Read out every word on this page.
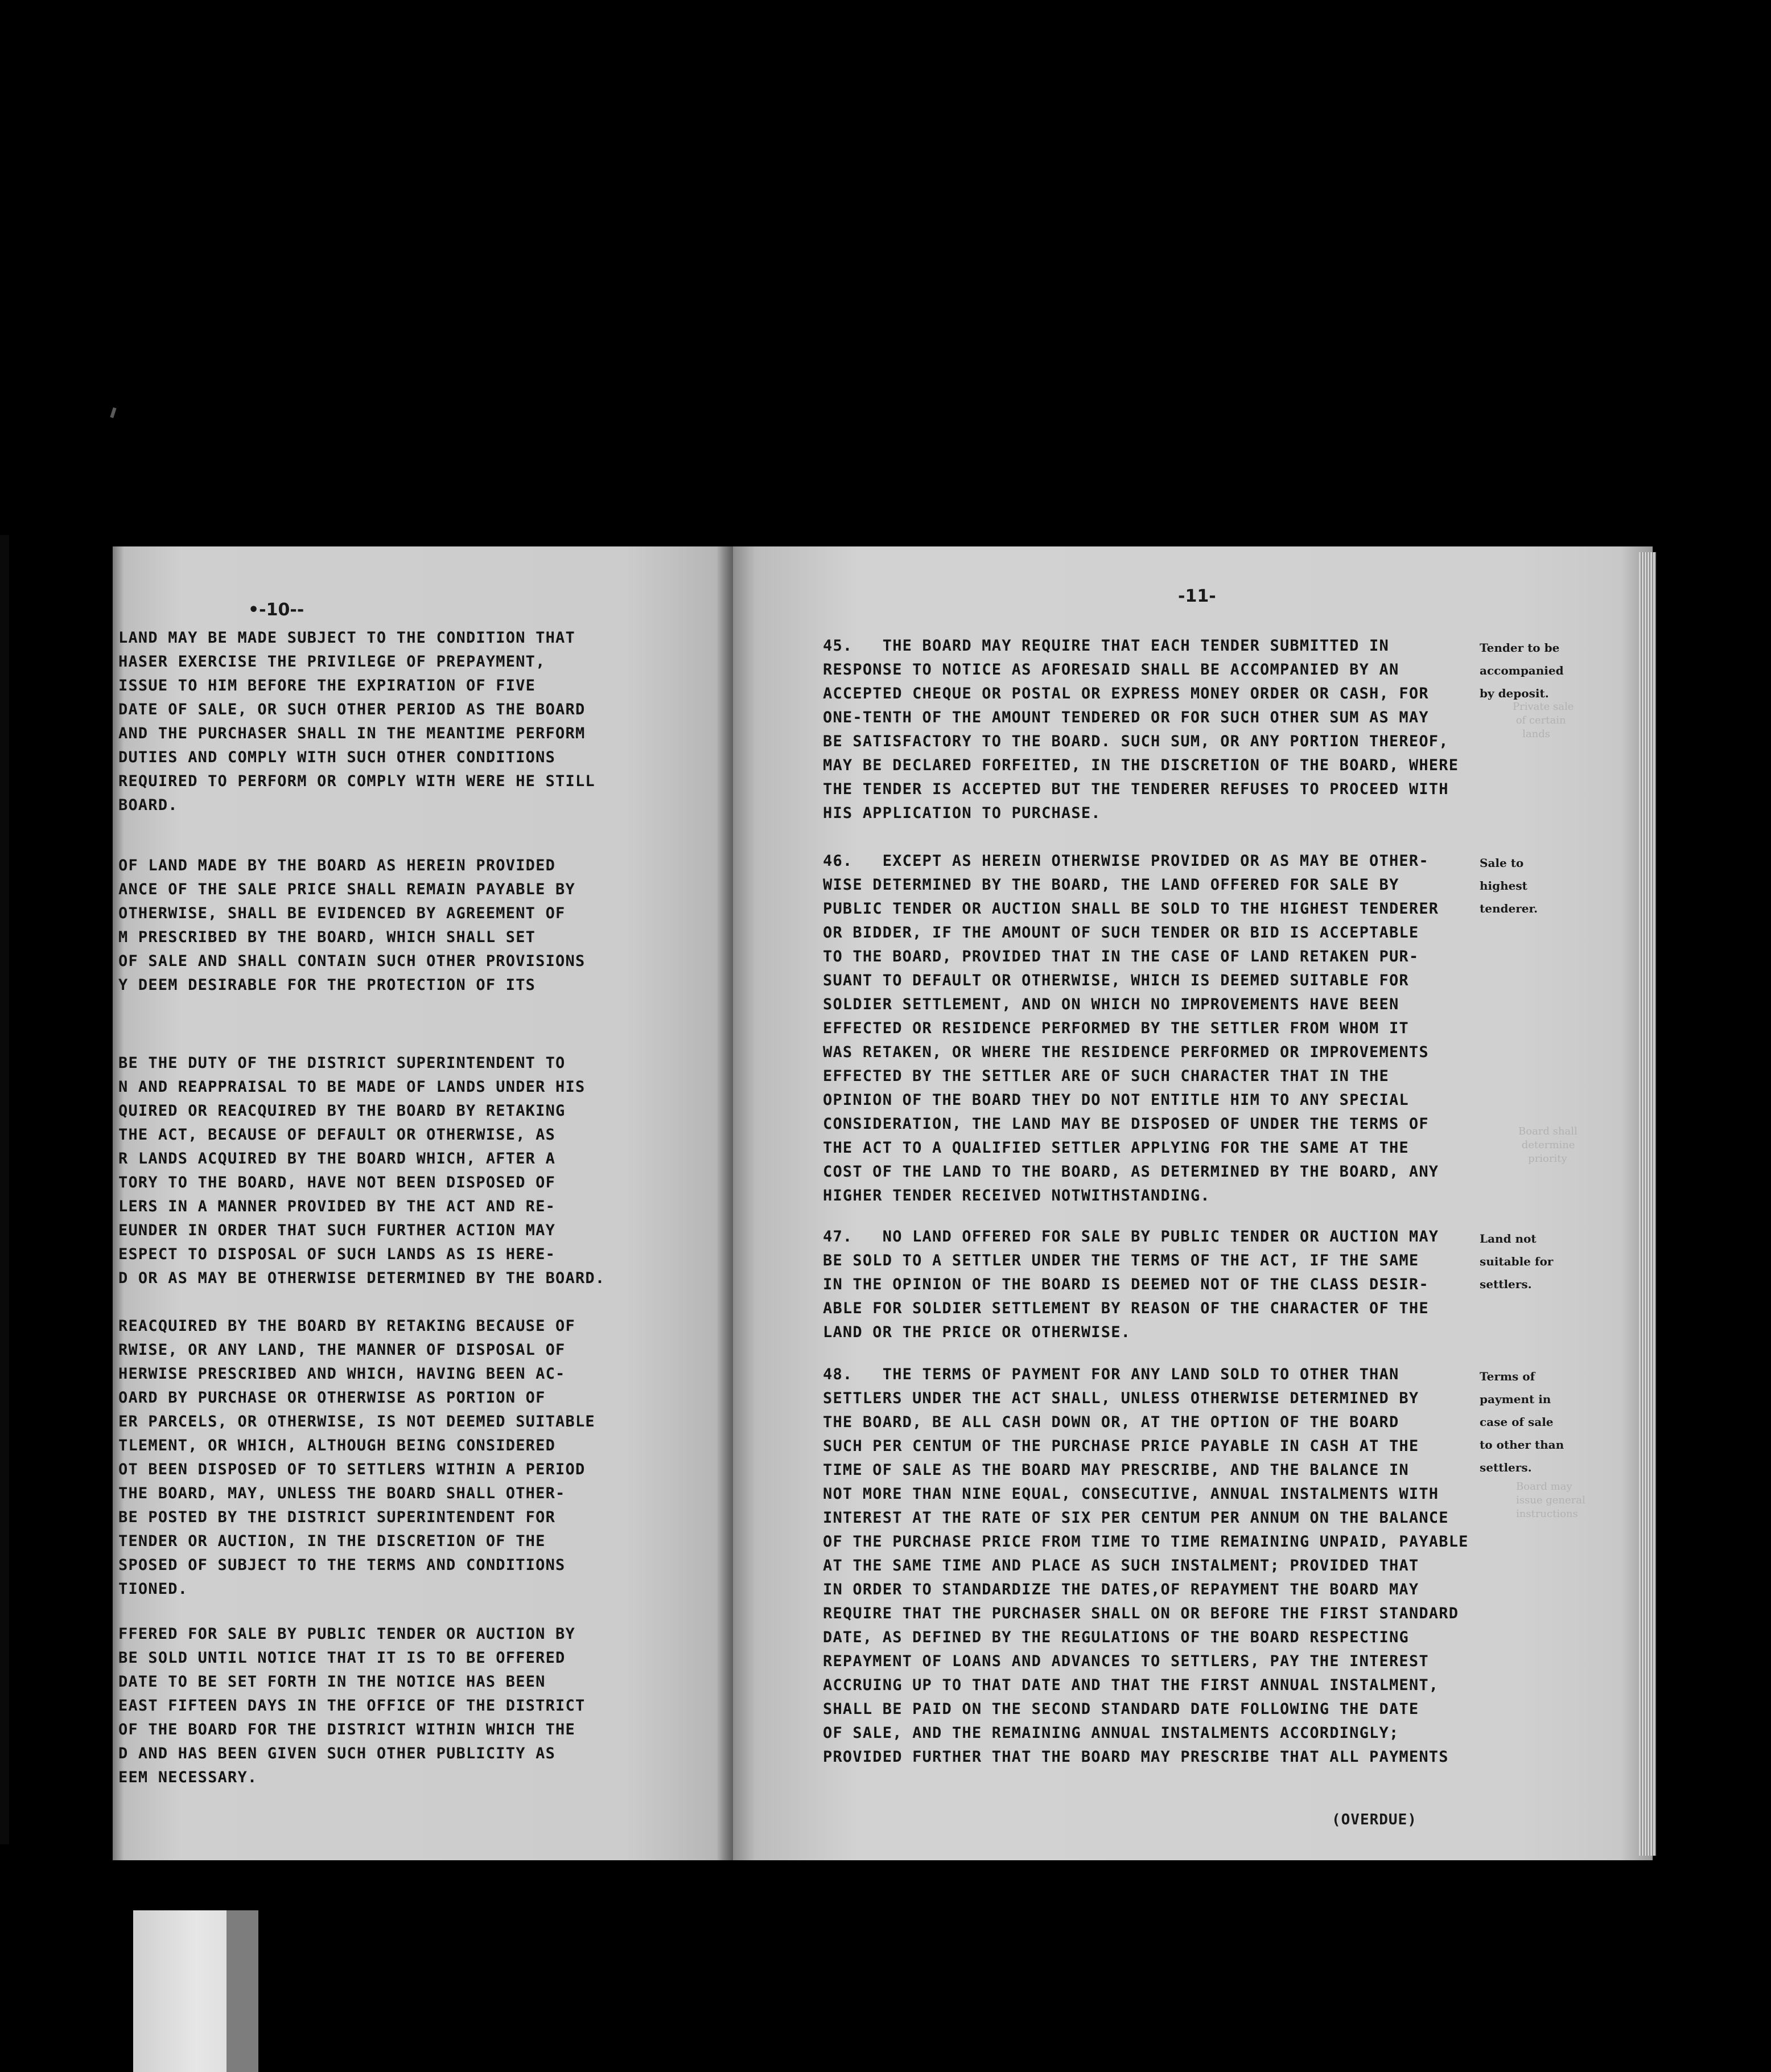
•-10--
LAND MAY BE MADE SUBJECT TO THE CONDITION THAT
HASER EXERCISE THE PRIVILEGE OF PREPAYMENT,
ISSUE TO HIM BEFORE THE EXPIRATION OF FIVE
DATE OF SALE, OR SUCH OTHER PERIOD AS THE BOARD
AND THE PURCHASER SHALL IN THE MEANTIME PERFORM
DUTIES AND COMPLY WITH SUCH OTHER CONDITIONS
REQUIRED TO PERFORM OR COMPLY WITH WERE HE STILL
BOARD.
OF LAND MADE BY THE BOARD AS HEREIN PROVIDED
ANCE OF THE SALE PRICE SHALL REMAIN PAYABLE BY
OTHERWISE, SHALL BE EVIDENCED BY AGREEMENT OF
M PRESCRIBED BY THE BOARD, WHICH SHALL SET
OF SALE AND SHALL CONTAIN SUCH OTHER PROVISIONS
Y DEEM DESIRABLE FOR THE PROTECTION OF ITS
BE THE DUTY OF THE DISTRICT SUPERINTENDENT TO
N AND REAPPRAISAL TO BE MADE OF LANDS UNDER HIS
QUIRED OR REACQUIRED BY THE BOARD BY RETAKING
THE ACT, BECAUSE OF DEFAULT OR OTHERWISE, AS
R LANDS ACQUIRED BY THE BOARD WHICH, AFTER A
TORY TO THE BOARD, HAVE NOT BEEN DISPOSED OF
LERS IN A MANNER PROVIDED BY THE ACT AND RE-
EUNDER IN ORDER THAT SUCH FURTHER ACTION MAY
ESPECT TO DISPOSAL OF SUCH LANDS AS IS HERE-
D OR AS MAY BE OTHERWISE DETERMINED BY THE BOARD.
REACQUIRED BY THE BOARD BY RETAKING BECAUSE OF
RWISE, OR ANY LAND, THE MANNER OF DISPOSAL OF
HERWISE PRESCRIBED AND WHICH, HAVING BEEN AC-
OARD BY PURCHASE OR OTHERWISE AS PORTION OF
ER PARCELS, OR OTHERWISE, IS NOT DEEMED SUITABLE
TLEMENT, OR WHICH, ALTHOUGH BEING CONSIDERED
OT BEEN DISPOSED OF TO SETTLERS WITHIN A PERIOD
THE BOARD, MAY, UNLESS THE BOARD SHALL OTHER-
BE POSTED BY THE DISTRICT SUPERINTENDENT FOR
TENDER OR AUCTION, IN THE DISCRETION OF THE
SPOSED OF SUBJECT TO THE TERMS AND CONDITIONS
TIONED.
FFERED FOR SALE BY PUBLIC TENDER OR AUCTION BY
BE SOLD UNTIL NOTICE THAT IT IS TO BE OFFERED
DATE TO BE SET FORTH IN THE NOTICE HAS BEEN
EAST FIFTEEN DAYS IN THE OFFICE OF THE DISTRICT
OF THE BOARD FOR THE DISTRICT WITHIN WHICH THE
D AND HAS BEEN GIVEN SUCH OTHER PUBLICITY AS
EEM NECESSARY.
-11-
Private sale
of certain
lands
Board shall
determine
priority
Board may
issue general
instructions
45.   THE BOARD MAY REQUIRE THAT EACH TENDER SUBMITTED IN
RESPONSE TO NOTICE AS AFORESAID SHALL BE ACCOMPANIED BY AN
ACCEPTED CHEQUE OR POSTAL OR EXPRESS MONEY ORDER OR CASH, FOR
ONE-TENTH OF THE AMOUNT TENDERED OR FOR SUCH OTHER SUM AS MAY
BE SATISFACTORY TO THE BOARD. SUCH SUM, OR ANY PORTION THEREOF,
MAY BE DECLARED FORFEITED, IN THE DISCRETION OF THE BOARD, WHERE
THE TENDER IS ACCEPTED BUT THE TENDERER REFUSES TO PROCEED WITH
HIS APPLICATION TO PURCHASE.
46.   EXCEPT AS HEREIN OTHERWISE PROVIDED OR AS MAY BE OTHER-
WISE DETERMINED BY THE BOARD, THE LAND OFFERED FOR SALE BY
PUBLIC TENDER OR AUCTION SHALL BE SOLD TO THE HIGHEST TENDERER
OR BIDDER, IF THE AMOUNT OF SUCH TENDER OR BID IS ACCEPTABLE
TO THE BOARD, PROVIDED THAT IN THE CASE OF LAND RETAKEN PUR-
SUANT TO DEFAULT OR OTHERWISE, WHICH IS DEEMED SUITABLE FOR
SOLDIER SETTLEMENT, AND ON WHICH NO IMPROVEMENTS HAVE BEEN
EFFECTED OR RESIDENCE PERFORMED BY THE SETTLER FROM WHOM IT
WAS RETAKEN, OR WHERE THE RESIDENCE PERFORMED OR IMPROVEMENTS
EFFECTED BY THE SETTLER ARE OF SUCH CHARACTER THAT IN THE
OPINION OF THE BOARD THEY DO NOT ENTITLE HIM TO ANY SPECIAL
CONSIDERATION, THE LAND MAY BE DISPOSED OF UNDER THE TERMS OF
THE ACT TO A QUALIFIED SETTLER APPLYING FOR THE SAME AT THE
COST OF THE LAND TO THE BOARD, AS DETERMINED BY THE BOARD, ANY
HIGHER TENDER RECEIVED NOTWITHSTANDING.
47.   NO LAND OFFERED FOR SALE BY PUBLIC TENDER OR AUCTION MAY
BE SOLD TO A SETTLER UNDER THE TERMS OF THE ACT, IF THE SAME
IN THE OPINION OF THE BOARD IS DEEMED NOT OF THE CLASS DESIR-
ABLE FOR SOLDIER SETTLEMENT BY REASON OF THE CHARACTER OF THE
LAND OR THE PRICE OR OTHERWISE.
48.   THE TERMS OF PAYMENT FOR ANY LAND SOLD TO OTHER THAN
SETTLERS UNDER THE ACT SHALL, UNLESS OTHERWISE DETERMINED BY
THE BOARD, BE ALL CASH DOWN OR, AT THE OPTION OF THE BOARD
SUCH PER CENTUM OF THE PURCHASE PRICE PAYABLE IN CASH AT THE
TIME OF SALE AS THE BOARD MAY PRESCRIBE, AND THE BALANCE IN
NOT MORE THAN NINE EQUAL, CONSECUTIVE, ANNUAL INSTALMENTS WITH
INTEREST AT THE RATE OF SIX PER CENTUM PER ANNUM ON THE BALANCE
OF THE PURCHASE PRICE FROM TIME TO TIME REMAINING UNPAID, PAYABLE
AT THE SAME TIME AND PLACE AS SUCH INSTALMENT; PROVIDED THAT
IN ORDER TO STANDARDIZE THE DATES,OF REPAYMENT THE BOARD MAY
REQUIRE THAT THE PURCHASER SHALL ON OR BEFORE THE FIRST STANDARD
DATE, AS DEFINED BY THE REGULATIONS OF THE BOARD RESPECTING
REPAYMENT OF LOANS AND ADVANCES TO SETTLERS, PAY THE INTEREST
ACCRUING UP TO THAT DATE AND THAT THE FIRST ANNUAL INSTALMENT,
SHALL BE PAID ON THE SECOND STANDARD DATE FOLLOWING THE DATE
OF SALE, AND THE REMAINING ANNUAL INSTALMENTS ACCORDINGLY;
PROVIDED FURTHER THAT THE BOARD MAY PRESCRIBE THAT ALL PAYMENTS
Tender to be
accompanied
by deposit.
Sale to
highest
tenderer.
Land not
suitable for
settlers.
Terms of
payment in
case of sale
to other than
settlers.
(OVERDUE)
